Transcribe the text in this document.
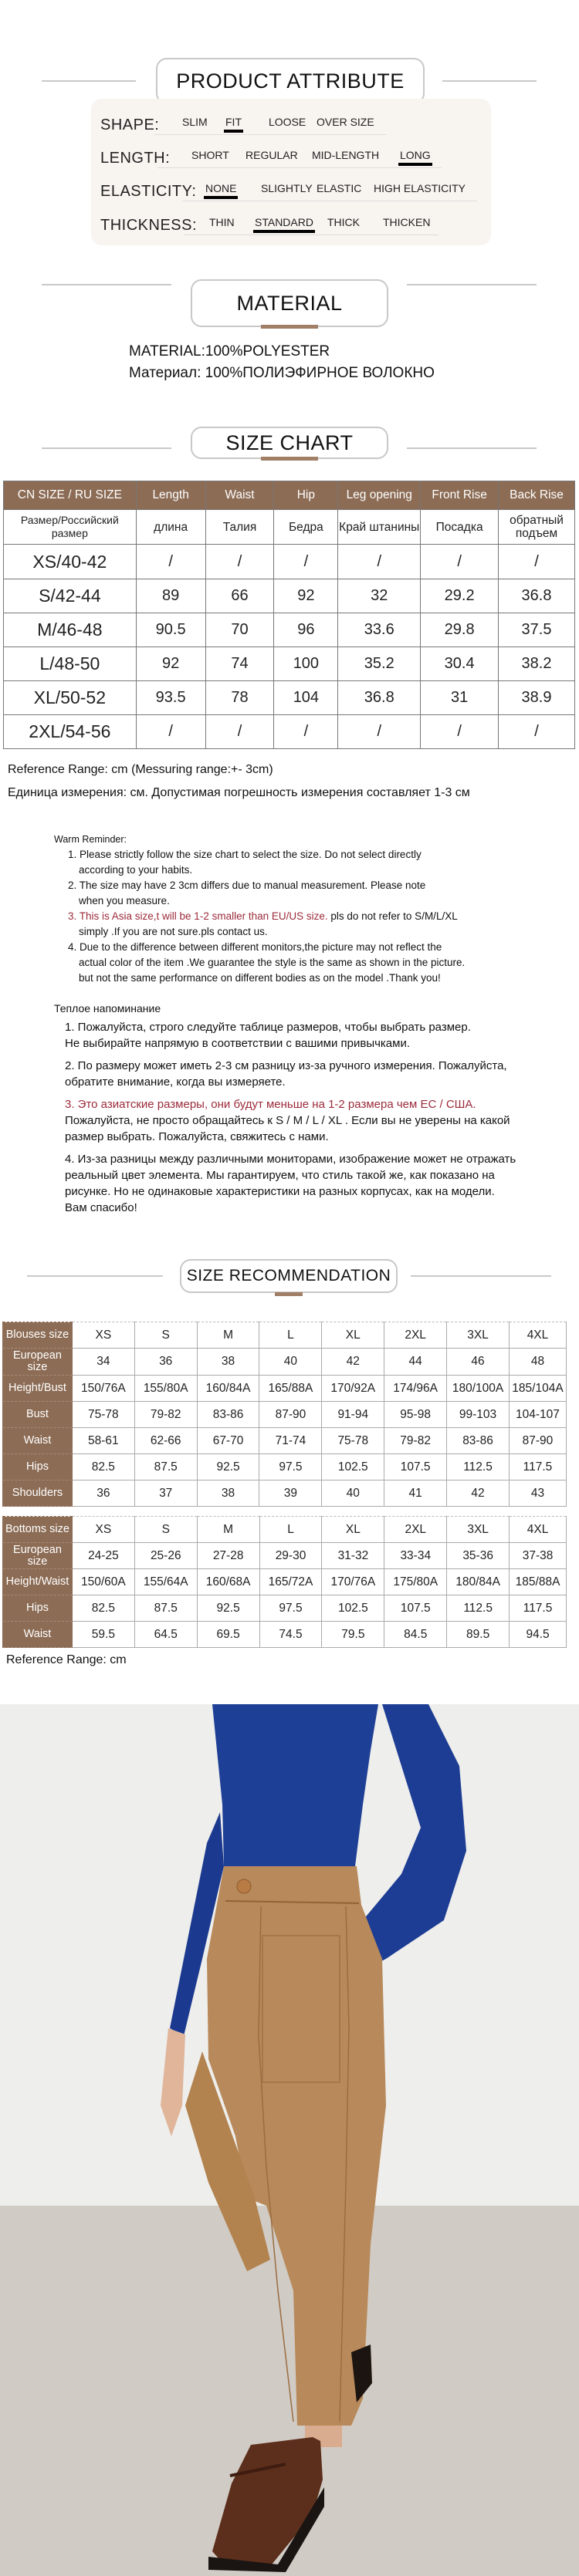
PRODUCT ATTRIBUTE
SHAPE: SLIM FIT	LOOSE OVER SIZE
LENGTH: SHORT REGULAR MID-LENGTH LONG
ELASTICITY: NONE SLIGHTLY ELASTIC HIGH ELASTICITY
THICKNESS: THIN STANDARD THICK THICKEN
MATERIAL
MATERIAL:100%POLYESTER
Материал: 100%ПОЛИЭФИРНОЕ ВОЛОКНО
SIZE CHART
CN SIZE / RU SIZE	Length	Waist	Hip	Leg opening	Front Rise	Back Rise
Размер/Российский размер	длина	Талия	Бедра	Край штанины	Посадка	обратный подъем
XS/40-42	/	/	/	/	/	/
S/42-44	89	66	92	32	29.2	36.8
M/46-48	90.5	70	96	33.6	29.8	37.5
L/48-50	92	74	100	35.2	30.4	38.2
XL/50-52	93.5	78	104	36.8	31	38.9
2XL/54-56	/	/	/	/	/	/
Reference Range: cm (Messuring range:+- 3cm)
Единица измерения: см. Допустимая погрешность измерения составляет 1-3 см
Warm Reminder:
1. Please strictly follow the size chart to select the size. Do not select directly
according to your habits.
2. The size may have 2 3cm differs due to manual measurement. Please note
when you measure.
3. This is Asia size,t will be 1-2 smaller than EU/US size. pls do not refer to S/M/L/XL
simply .If you are not sure.pls contact us.
4. Due to the difference between different monitors,the picture may not reflect the
actual color of the item .We guarantee the style is the same as shown in the picture.
but not the same performance on different bodies as on the model .Thank you!
Теплое напоминание
1. Пожалуйста, строго следуйте таблице размеров, чтобы выбрать размер.
Не выбирайте напрямую в соответствии с вашими привычками.
2. По размеру может иметь 2-3 см разницу из-за ручного измерения. Пожалуйста,
обратите внимание, когда вы измеряете.
3. Это азиатские размеры, они будут меньше на 1-2 размера чем ЕС / США.
Пожалуйста, не просто обращайтесь к S / M / L / XL . Если вы не уверены на какой
размер выбрать. Пожалуйста, свяжитесь с нами.
4. Из-за разницы между различными мониторами, изображение может не отражать
реальный цвет элемента. Мы гарантируем, что стиль такой же, как показано на
рисунке. Но не одинаковые характеристики на разных корпусах, как на модели.
Вам спасибо!
SIZE RECOMMENDATION
Blouses size	XS	S	M	L	XL	2XL	3XL	4XL
European size	34	36	38	40	42	44	46	48
Height/Bust	150/76A	155/80A	160/84A	165/88A	170/92A	174/96A	180/100A	185/104A
Bust	75-78	79-82	83-86	87-90	91-94	95-98	99-103	104-107
Waist	58-61	62-66	67-70	71-74	75-78	79-82	83-86	87-90
Hips	82.5	87.5	92.5	97.5	102.5	107.5	112.5	117.5
Shoulders	36	37	38	39	40	41	42	43
Bottoms size	XS	S	M	L	XL	2XL	3XL	4XL
European size	24-25	25-26	27-28	29-30	31-32	33-34	35-36	37-38
Height/Waist	150/60A	155/64A	160/68A	165/72A	170/76A	175/80A	180/84A	185/88A
Hips	82.5	87.5	92.5	97.5	102.5	107.5	112.5	117.5
Waist	59.5	64.5	69.5	74.5	79.5	84.5	89.5	94.5
Reference Range: cm
